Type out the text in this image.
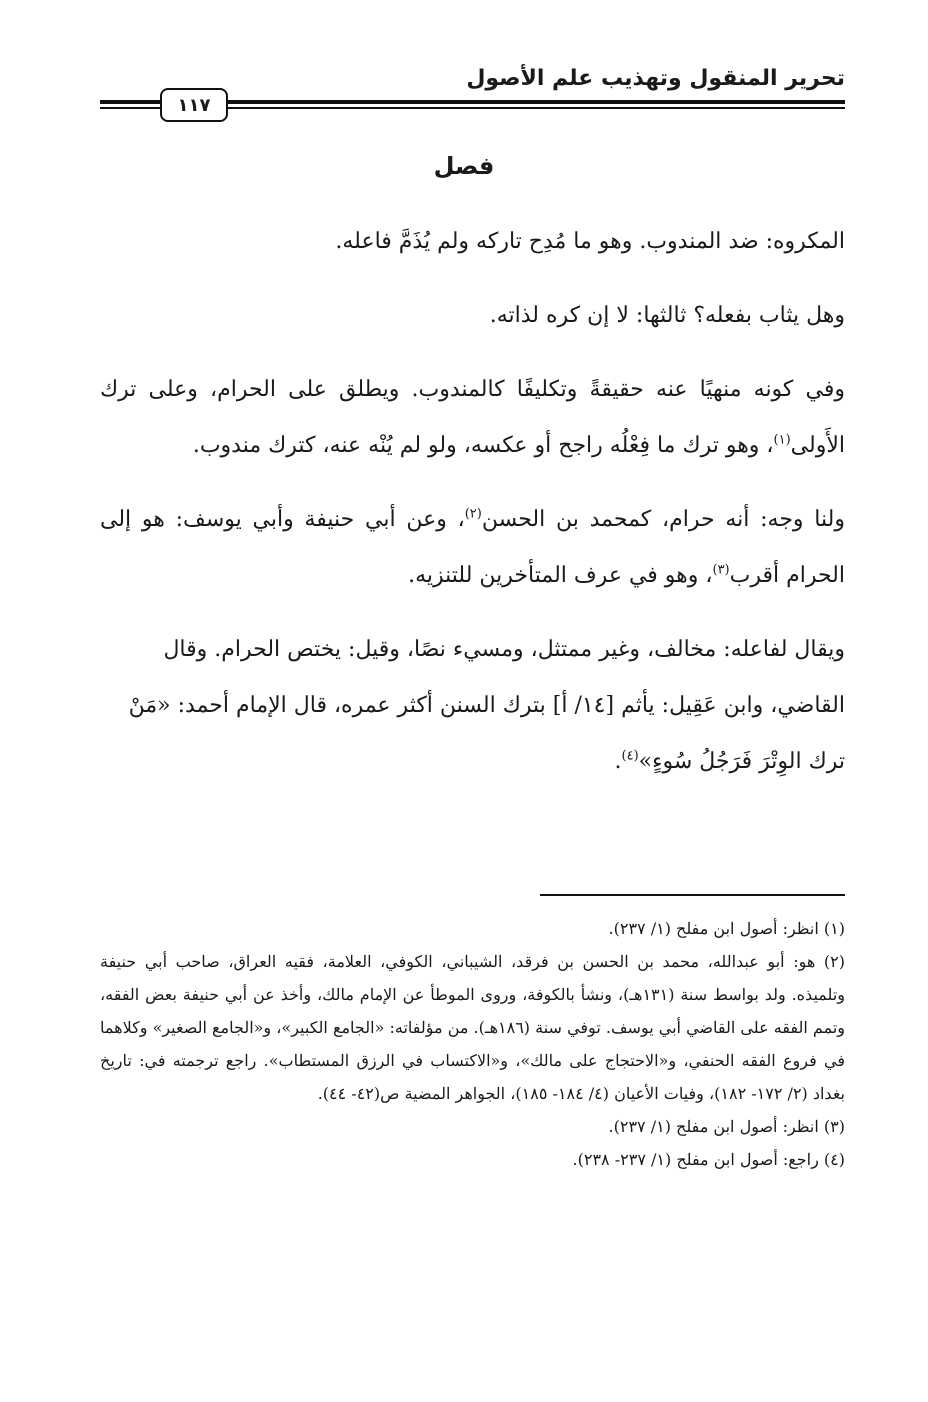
تحرير المنقول وتهذيب علم الأصول
١١٧
فصل

المكروه: ضد المندوب. وهو ما مُدِح تاركه ولم يُذَمَّ فاعله.

وهل يثاب بفعله؟ ثالثها: لا إن كره لذاته.

وفي كونه منهيًا عنه حقيقةً وتكليفًا كالمندوب. ويطلق على الحرام، وعلى ترك الأَولى$^{(١)}$، وهو ترك ما فِعْلُه راجح أو عكسه، ولو لم يُنْه عنه، كترك مندوب.

ولنا وجه: أنه حرام، كمحمد بن الحسن$^{(٢)}$، وعن أبي حنيفة وأبي يوسف: هو إلى الحرام أقرب$^{(٣)}$، وهو في عرف المتأخرين للتنزيه.

ويقال لفاعله: مخالف، وغير ممتثل، ومسيء نصًا، وقيل: يختص الحرام. وقال القاضي، وابن عَقِيل: يأثم [١٤/ أ] بترك السنن أكثر عمره، قال الإمام أحمد: «مَنْ ترك الوِتْرَ فَرَجُلُ سُوءٍ»$^{(٤)}$.

(١) انظر: أصول ابن مفلح (١/ ٢٣٧).

(٢) هو: أبو عبدالله، محمد بن الحسن بن فرقد، الشيباني، الكوفي، العلامة، فقيه العراق، صاحب أبي حنيفة وتلميذه. ولد بواسط سنة (١٣١هـ)، ونشأ بالكوفة، وروى الموطأ عن الإمام مالك، وأخذ عن أبي حنيفة بعض الفقه، وتمم الفقه على القاضي أبي يوسف. توفي سنة (١٨٦هـ). من مؤلفاته: «الجامع الكبير»، و«الجامع الصغير» وكلاهما في فروع الفقه الحنفي، و«الاحتجاج على مالك»، و«الاكتساب في الرزق المستطاب». راجع ترجمته في: تاريخ بغداد (٢/ ١٧٢- ١٨٢)، وفيات الأعيان (٤/ ١٨٤- ١٨٥)، الجواهر المضية ص(٤٢- ٤٤).

(٣) انظر: أصول ابن مفلح (١/ ٢٣٧).

(٤) راجع: أصول ابن مفلح (١/ ٢٣٧- ٢٣٨).
